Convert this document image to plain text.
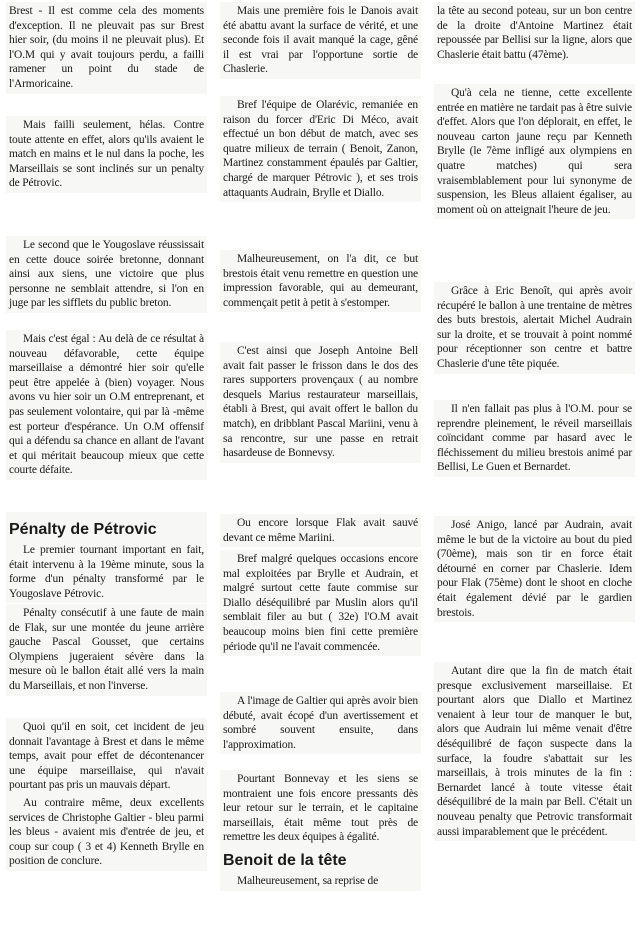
Brest - Il est comme cela des moments d'exception. Il ne pleuvait pas sur Brest hier soir, (du moins il ne pleuvait plus). Et l'O.M qui y avait toujours perdu, a failli ramener un point du stade de l'Armoricaine.

Mais failli seulement, hélas. Contre toute attente en effet, alors qu'ils avaient le match en mains et le nul dans la poche, les Marseillais se sont inclinés sur un penalty de Pétrovic.

Le second que le Yougoslave réussissait en cette douce soirée bretonne, donnant ainsi aux siens, une victoire que plus personne ne semblait attendre, si l'on en juge par les sifflets du public breton.

Mais c'est égal : Au delà de ce résultat à nouveau défavorable, cette équipe marseillaise a démontré hier soir qu'elle peut être appelée à (bien) voyager. Nous avons vu hier soir un O.M entreprenant, et pas seulement volontaire, qui par là -même est porteur d'espérance. Un O.M offensif qui a défendu sa chance en allant de l'avant et qui méritait beaucoup mieux que cette courte défaite.

Pénalty de Pétrovic

Le premier tournant important en fait, était intervenu à la 19ème minute, sous la forme d'un pénalty transformé par le Yougoslave Pétrovic.

Pénalty consécutif à une faute de main de Flak, sur une montée du jeune arrière gauche Pascal Gousset, que certains Olympiens jugeraient sévère dans la mesure où le ballon était allé vers la main du Marseillais, et non l'inverse.

Quoi qu'il en soit, cet incident de jeu donnait l'avantage à Brest et dans le même temps, avait pour effet de décontenancer une équipe marseillaise, qui n'avait pourtant pas pris un mauvais départ.

Au contraire même, deux excellents services de Christophe Galtier - bleu parmi les bleus - avaient mis d'entrée de jeu, et coup sur coup ( 3 et 4) Kenneth Brylle en position de conclure.

Mais une première fois le Danois avait été abattu avant la surface de vérité, et une seconde fois il avait manqué la cage, gêné il est vrai par l'opportune sortie de Chaslerie.

Bref l'équipe de Olarévic, remaniée en raison du forcer d'Eric Di Méco, avait effectué un bon début de match, avec ses quatre milieux de terrain ( Benoit, Zanon, Martinez constamment épaulés par Galtier, chargé de marquer Pétrovic ), et ses trois attaquants Audrain, Brylle et Diallo.

Malheureusement, on l'a dit, ce but brestois était venu remettre en question une impression favorable, qui au demeurant, commençait petit à petit à s'estomper.

C'est ainsi que Joseph Antoine Bell avait fait passer le frisson dans le dos des rares supporters provençaux ( au nombre desquels Marius restaurateur marseillais, établi à Brest, qui avait offert le ballon du match), en dribblant Pascal Mariini, venu à sa rencontre, sur une passe en retrait hasardeuse de Bonnevsy.

Ou encore lorsque Flak avait sauvé devant ce même Mariini.

Bref malgré quelques occasions encore mal exploitées par Brylle et Audrain, et malgré surtout cette faute commise sur Diallo déséquilibré par Muslin alors qu'il semblait filer au but ( 32e) l'O.M avait beaucoup moins bien fini cette première période qu'il ne l'avait commencée.

A l'image de Galtier qui après avoir bien débuté, avait écopé d'un avertissement et sombré souvent ensuite, dans l'approximation.

Pourtant Bonnevay et les siens se montraient une fois encore pressants dès leur retour sur le terrain, et le capitaine marseillais, était même tout près de remettre les deux équipes à égalité.

Benoit de la tête

Malheureusement, sa reprise de

la tête au second poteau, sur un bon centre de la droite d'Antoine Martinez était repoussée par Bellisi sur la ligne, alors que Chaslerie était battu (47ème).

Qu'à cela ne tienne, cette excellente entrée en matière ne tardait pas à être suivie d'effet. Alors que l'on déplorait, en effet, le nouveau carton jaune reçu par Kenneth Brylle (le 7ème infligé aux olympiens en quatre matches) qui sera vraisemblablement pour lui synonyme de suspension, les Bleus allaient égaliser, au moment où on atteignait l'heure de jeu.

Grâce à Eric Benoît, qui après avoir récupéré le ballon à une trentaine de mètres des buts brestois, alertait Michel Audrain sur la droite, et se trouvait à point nommé pour réceptionner son centre et battre Chaslerie d'une tête piquée.

Il n'en fallait pas plus à l'O.M. pour se reprendre pleinement, le réveil marseillais coïncidant comme par hasard avec le fléchissement du milieu brestois animé par Bellisi, Le Guen et Bernardet.

José Anigo, lancé par Audrain, avait même le but de la victoire au bout du pied (70ème), mais son tir en force était détourné en corner par Chaslerie. Idem pour Flak (75ème) dont le shoot en cloche était également dévié par le gardien brestois.

Autant dire que la fin de match était presque exclusivement marseillaise. Et pourtant alors que Diallo et Martinez venaient à leur tour de manquer le but, alors que Audrain lui même venait d'être déséquilibré de façon suspecte dans la surface, la foudre s'abattait sur les marseillais, à trois minutes de la fin : Bernardet lancé à toute vitesse était déséquilibré de la main par Bell. C'était un nouveau penalty que Petrovic transformait aussi imparablement que le précédent.
